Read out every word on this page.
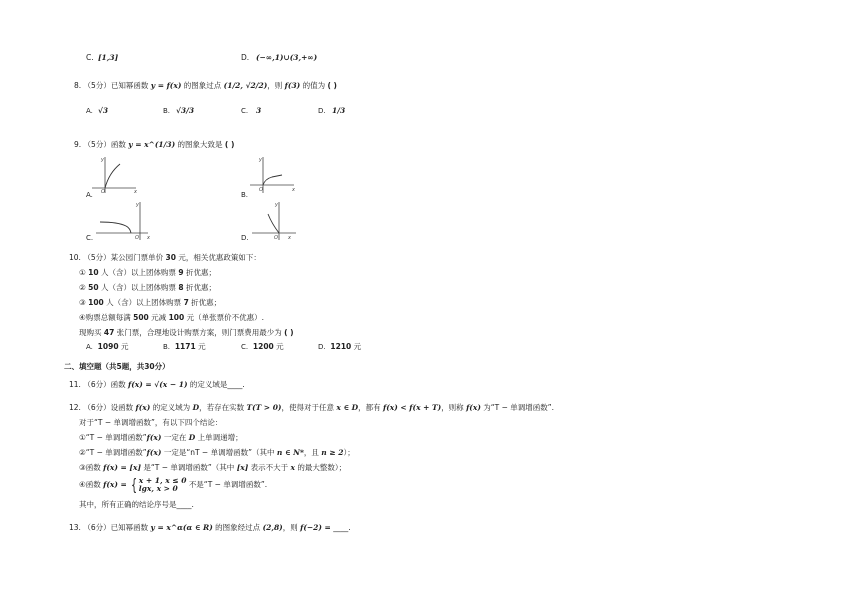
C. [1,3]	D. (−∞,1)∪(3,+∞)
8. （5分）已知幂函数 y = f(x) 的图象过点 (1/2, √2/2)，则 f(3) 的值为 ( )
A. √3	B. √3/3	C. 3	D. 1/3
9. （5分）函数 y = x^(1/3) 的图象大致是 ( )
A.
y
O	x	B.
y
O	x
C.
y
O x	D.
y
O x
10. （5分）某公园门票单价 30 元，相关优惠政策如下：
① 10 人（含）以上团体购票 9 折优惠；
② 50 人（含）以上团体购票 8 折优惠；
③ 100 人（含）以上团体购票 7 折优惠；
④购票总额每满 500 元减 100 元（单张票价不优惠）.
现购买 47 张门票，合理地设计购票方案，则门票费用最少为 ( )
A. 1090 元	B. 1171 元	C. 1200 元	D. 1210 元
二、填空题（共5题，共30分）
11. （6分）函数 f(x) = √(x − 1) 的定义域是____.
12. （6分）设函数 f(x) 的定义域为 D，若存在实数 T(T > 0)，使得对于任意 x ∈ D，都有 f(x) < f(x + T)，则称 f(x) 为“T − 单调增函数”.
对于“T − 单调增函数”，有以下四个结论：
①“T − 单调增函数”f(x) 一定在 D 上单调递增；
②“T − 单调增函数”f(x) 一定是“nT − 单调增函数”（其中 n ∈ N*，且 n ≥ 2）；
③函数 f(x) = [x] 是“T − 单调增函数”（其中 [x] 表示不大于 x 的最大整数）；
④函数 f(x) = { x + 1, x ≤ 0
lgx, x > 0	不是“T − 单调增函数”.
其中，所有正确的结论序号是____.
13. （6分）已知幂函数 y = x^α(α ∈ R) 的图象经过点 (2,8)，则 f(−2) = ____.
